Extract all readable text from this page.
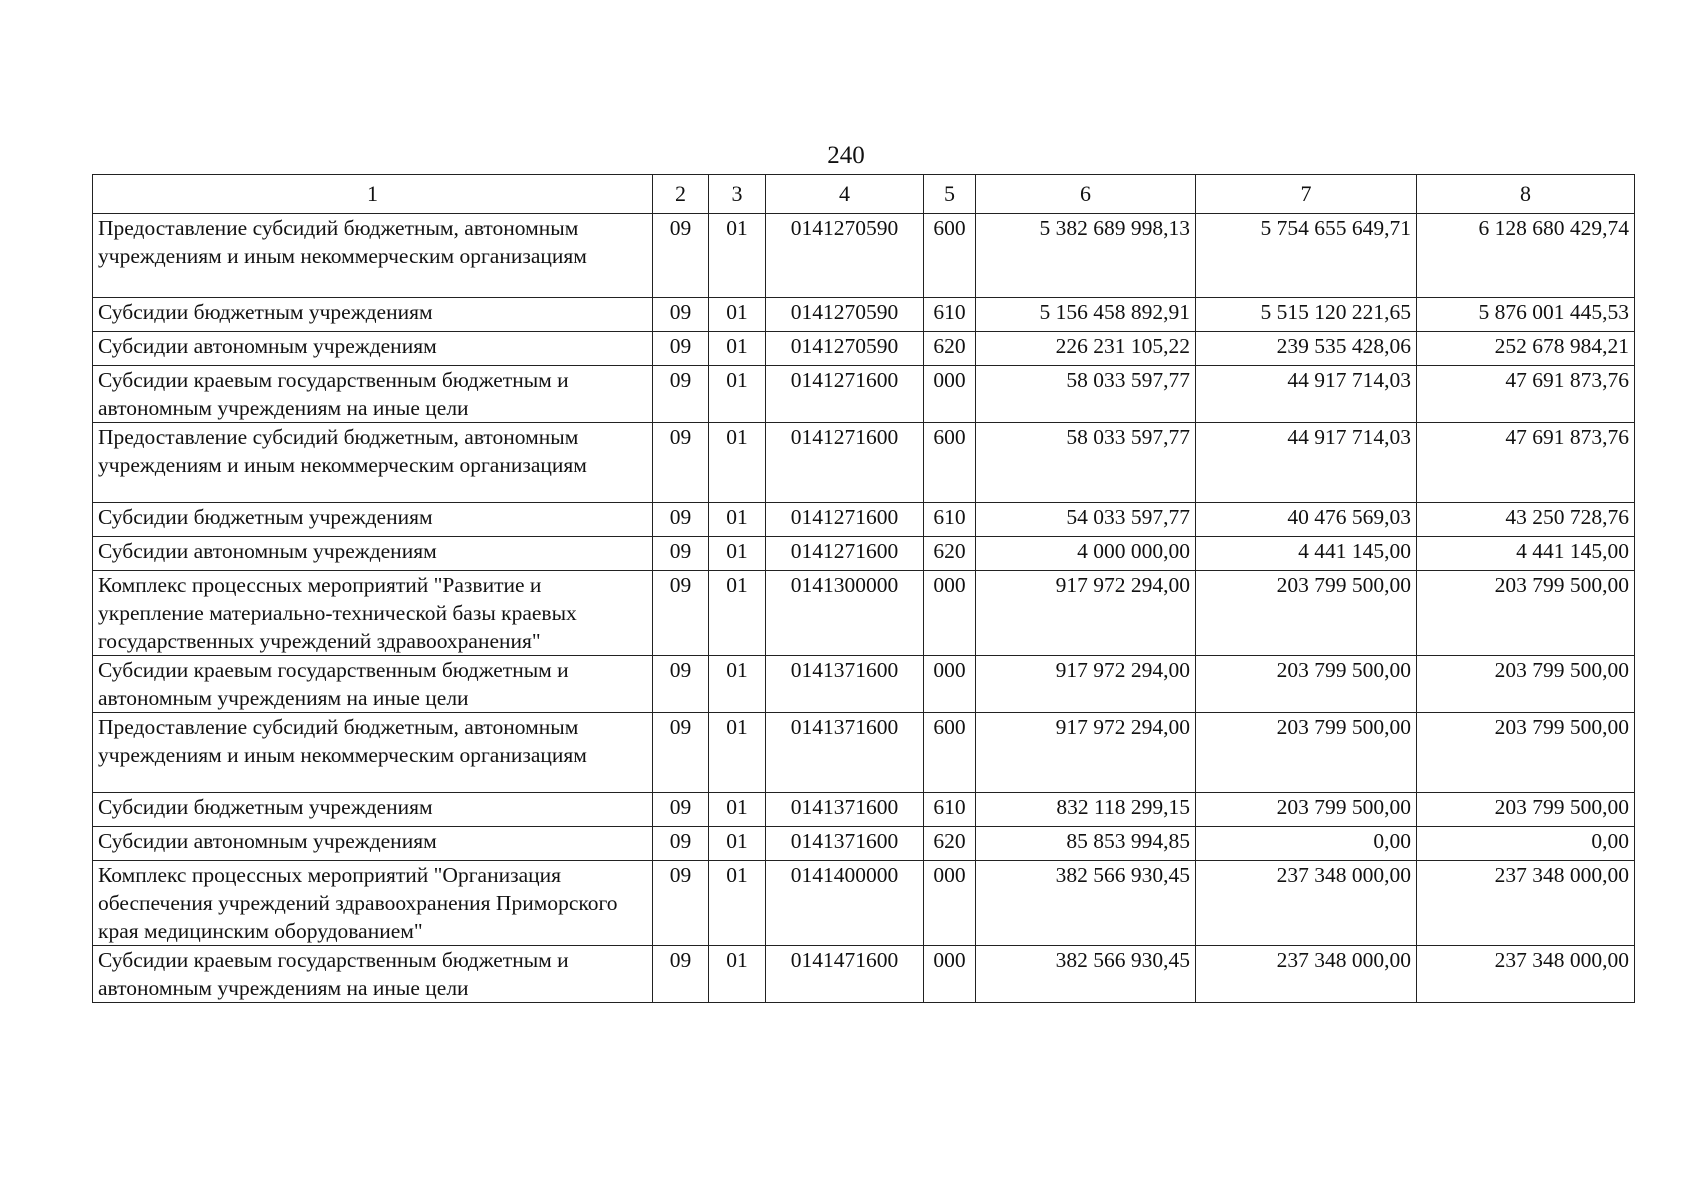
240
1	2	3	4	5	6	7	8
Предоставление субсидий бюджетным, автономным учреждениям и иным некоммерческим организациям	09	01	0141270590	600	5 382 689 998,13	5 754 655 649,71	6 128 680 429,74
Субсидии бюджетным учреждениям	09	01	0141270590	610	5 156 458 892,91	5 515 120 221,65	5 876 001 445,53
Субсидии автономным учреждениям	09	01	0141270590	620	226 231 105,22	239 535 428,06	252 678 984,21
Субсидии краевым государственным бюджетным и автономным учреждениям на иные цели	09	01	0141271600	000	58 033 597,77	44 917 714,03	47 691 873,76
Предоставление субсидий бюджетным, автономным учреждениям и иным некоммерческим организациям	09	01	0141271600	600	58 033 597,77	44 917 714,03	47 691 873,76
Субсидии бюджетным учреждениям	09	01	0141271600	610	54 033 597,77	40 476 569,03	43 250 728,76
Субсидии автономным учреждениям	09	01	0141271600	620	4 000 000,00	4 441 145,00	4 441 145,00
Комплекс процессных мероприятий "Развитие и укрепление материально-технической базы краевых государственных учреждений здравоохранения"	09	01	0141300000	000	917 972 294,00	203 799 500,00	203 799 500,00
Субсидии краевым государственным бюджетным и автономным учреждениям на иные цели	09	01	0141371600	000	917 972 294,00	203 799 500,00	203 799 500,00
Предоставление субсидий бюджетным, автономным учреждениям и иным некоммерческим организациям	09	01	0141371600	600	917 972 294,00	203 799 500,00	203 799 500,00
Субсидии бюджетным учреждениям	09	01	0141371600	610	832 118 299,15	203 799 500,00	203 799 500,00
Субсидии автономным учреждениям	09	01	0141371600	620	85 853 994,85	0,00	0,00
Комплекс процессных мероприятий "Организация обеспечения учреждений здравоохранения Приморского края медицинским оборудованием"	09	01	0141400000	000	382 566 930,45	237 348 000,00	237 348 000,00
Субсидии краевым государственным бюджетным и автономным учреждениям на иные цели	09	01	0141471600	000	382 566 930,45	237 348 000,00	237 348 000,00
